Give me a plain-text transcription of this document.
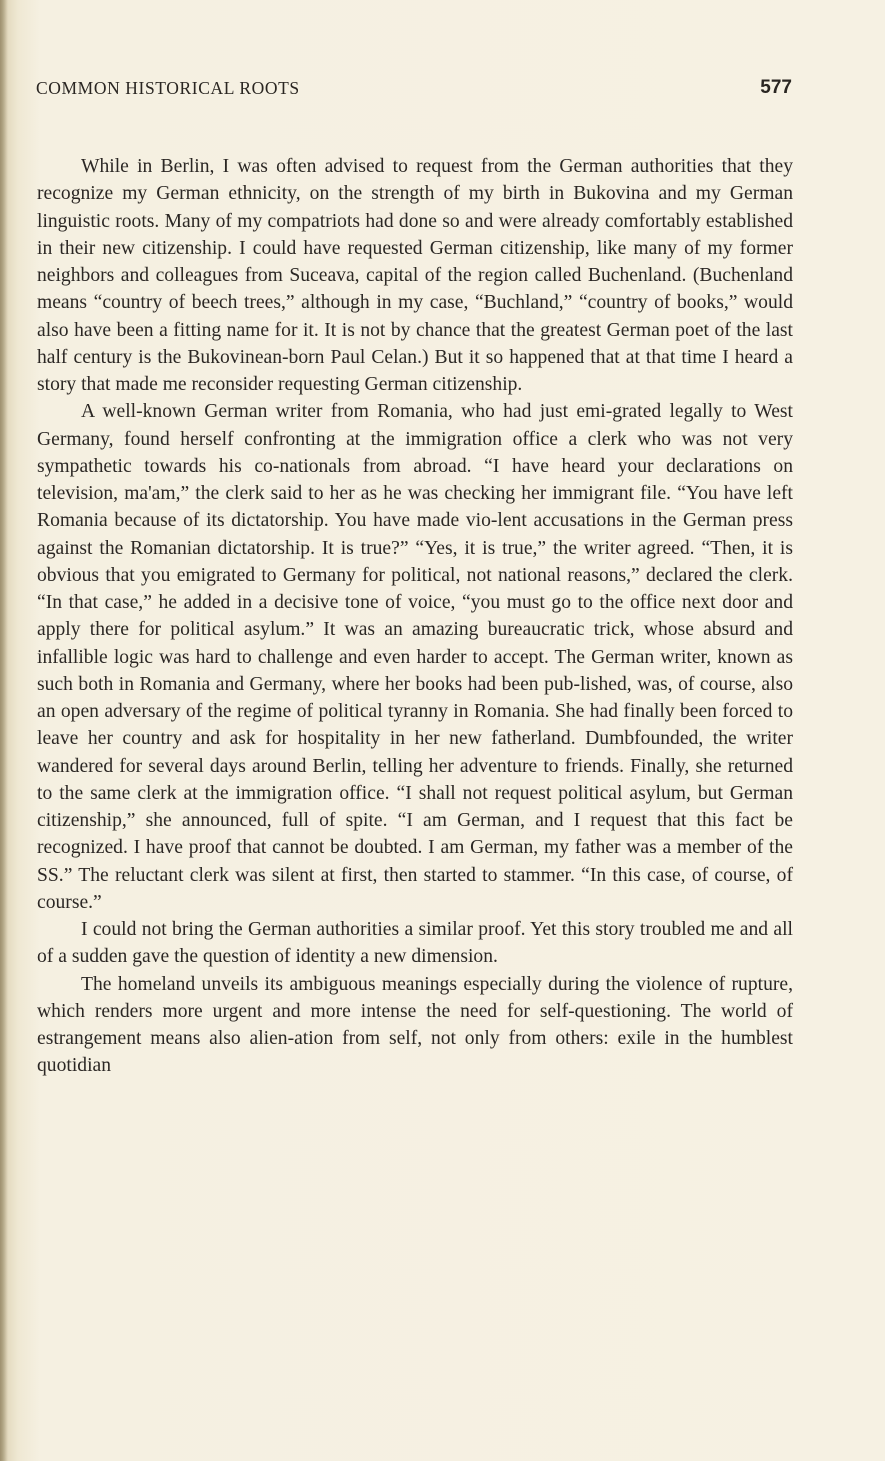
COMMON HISTORICAL ROOTS	577

While in Berlin, I was often advised to request from the German authorities that they recognize my German ethnicity, on the strength of my birth in Bukovina and my German linguistic roots. Many of my compatriots had done so and were already comfortably established in their new citizenship. I could have requested German citizenship, like many of my former neighbors and colleagues from Suceava, capital of the region called Buchenland. (Buchenland means “country of beech trees,” although in my case, “Buchland,” “country of books,” would also have been a fitting name for it. It is not by chance that the greatest German poet of the last half century is the Bukovinean-born Paul Celan.) But it so happened that at that time I heard a story that made me reconsider requesting German citizenship.

A well-known German writer from Romania, who had just emi-grated legally to West Germany, found herself confronting at the immigration office a clerk who was not very sympathetic towards his co-nationals from abroad. “I have heard your declarations on television, ma'am,” the clerk said to her as he was checking her immigrant file. “You have left Romania because of its dictatorship. You have made vio-lent accusations in the German press against the Romanian dictatorship. It is true?” “Yes, it is true,” the writer agreed. “Then, it is obvious that you emigrated to Germany for political, not national reasons,” declared the clerk. “In that case,” he added in a decisive tone of voice, “you must go to the office next door and apply there for political asylum.” It was an amazing bureaucratic trick, whose absurd and infallible logic was hard to challenge and even harder to accept. The German writer, known as such both in Romania and Germany, where her books had been pub-lished, was, of course, also an open adversary of the regime of political tyranny in Romania. She had finally been forced to leave her country and ask for hospitality in her new fatherland. Dumbfounded, the writer wandered for several days around Berlin, telling her adventure to friends. Finally, she returned to the same clerk at the immigration office. “I shall not request political asylum, but German citizenship,” she announced, full of spite. “I am German, and I request that this fact be recognized. I have proof that cannot be doubted. I am German, my father was a member of the SS.” The reluctant clerk was silent at first, then started to stammer. “In this case, of course, of course.”

I could not bring the German authorities a similar proof. Yet this story troubled me and all of a sudden gave the question of identity a new dimension.

The homeland unveils its ambiguous meanings especially during the violence of rupture, which renders more urgent and more intense the need for self-questioning. The world of estrangement means also alien-ation from self, not only from others: exile in the humblest quotidian
